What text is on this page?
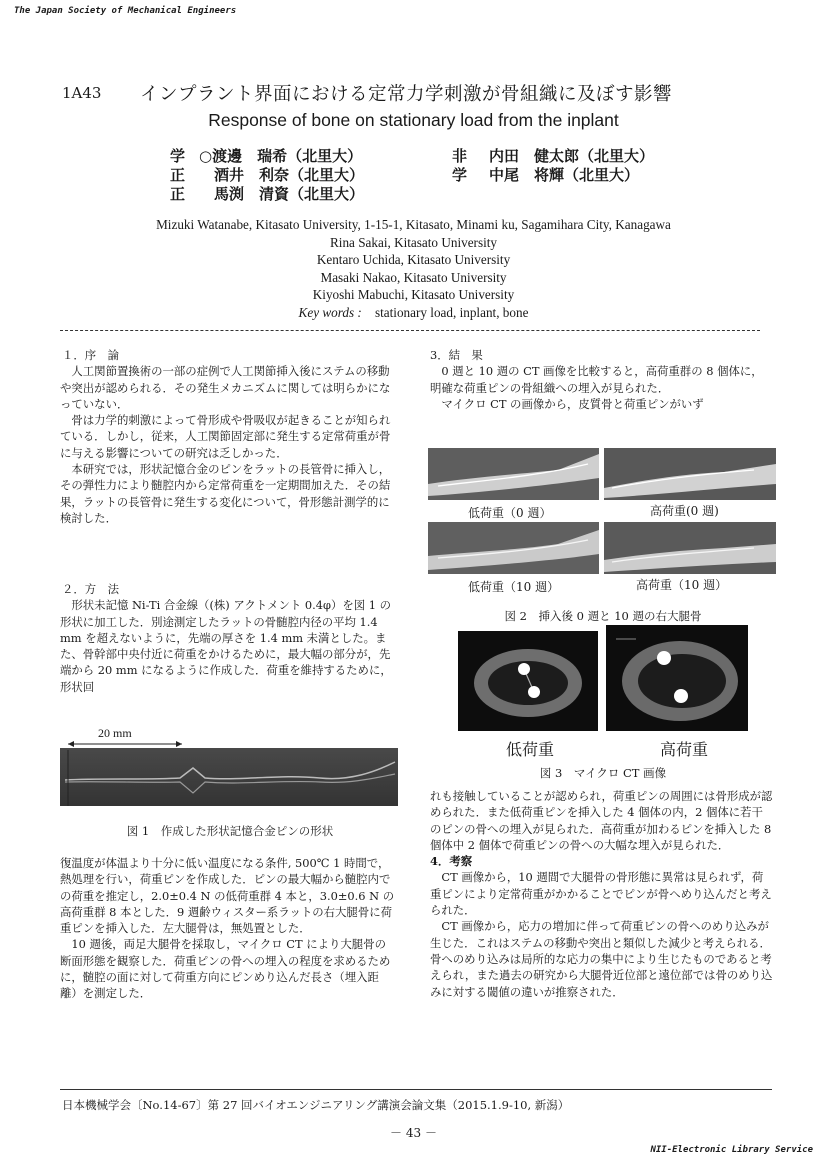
The Japan Society of Mechanical Engineers
1A43 インプラント界面における定常力学刺激が骨組織に及ぼす影響
Response of bone on stationary load from the inplant
学 ○渡邊　瑞希（北里大）
正　酒井　利奈（北里大）
正　馬渕　清資（北里大）
非 内田　健太郎（北里大）
学 中尾　将輝（北里大）
Mizuki Watanabe, Kitasato University, 1-15-1, Kitasato, Minami ku, Sagamihara City, Kanagawa
Rina Sakai, Kitasato University
Kentaro Uchida, Kitasato University
Masaki Nakao, Kitasato University
Kiyoshi Mabuchi, Kitasato University
Key words : stationary load, inplant, bone
１．序　論

　人工関節置換術の一部の症例で人工関節挿入後にステムの移動や突出が認められる．その発生メカニズムに関しては明らかになっていない．

　骨は力学的刺激によって骨形成や骨吸収が起きることが知られている．しかし，従来，人工関節固定部に発生する定常荷重が骨に与える影響についての研究は乏しかった．

　本研究では，形状記憶合金のピンをラットの長管骨に挿入し，その弾性力により髄腔内から定常荷重を一定期間加えた．その結果，ラットの長管骨に発生する変化について，骨形態計測学的に検討した．

２．方　法

　形状未記憶 Ni-Ti 合金線（(株) アクトメント 0.4φ）を図 1 の形状に加工した．別途測定したラットの骨髄腔内径の平均 1.4 mm を超えないように，先端の厚さを 1.4 mm 未満とした。また、骨幹部中央付近に荷重をかけるために，最大幅の部分が，先端から 20 mm になるように作成した．荷重を維持するために，形状回

20 mm
図 1　作成した形状記憶合金ピンの形状

復温度が体温より十分に低い温度になる条件, 500℃ 1 時間で，熱処理を行い，荷重ピンを作成した．ピンの最大幅から髄腔内での荷重を推定し，2.0±0.4 N の低荷重群 4 本と，3.0±0.6 N の高荷重群 8 本とした．9 週齢ウィスター系ラットの右大腿骨に荷重ピンを挿入した．左大腿骨は，無処置とした．

　10 週後，両足大腿骨を採取し，マイクロ CT により大腿骨の断面形態を観察した．荷重ピンの骨への埋入の程度を求めるために，髄腔の面に対して荷重方向にピンめり込んだ長さ（埋入距離）を測定した．

3．結　果

　0 週と 10 週の CT 画像を比較すると，高荷重群の 8 個体に，明確な荷重ピンの骨組織への埋入が見られた．

　マイクロ CT の画像から，皮質骨と荷重ピンがいず

低荷重（0 週）	高荷重(0 週)
低荷重（10 週）	高荷重（10 週）
図 2　挿入後 0 週と 10 週の右大腿骨
低荷重	高荷重
図 3　マイクロ CT 画像

れも接触していることが認められ，荷重ピンの周囲には骨形成が認められた．また低荷重ピンを挿入した 4 個体の内，2 個体に若干のピンの骨への埋入が見られた．高荷重が加わるピンを挿入した 8 個体中 2 個体で荷重ピンの骨への大幅な埋入が見られた．

4．考察

　CT 画像から，10 週間で大腿骨の骨形態に異常は見られず，荷重ピンにより定常荷重がかかることでピンが骨へめり込んだと考えられた．

　CT 画像から，応力の増加に伴って荷重ピンの骨へのめり込みが生じた．これはステムの移動や突出と類似した減少と考えられる．骨へのめり込みは局所的な応力の集中により生じたものであると考えられ，また過去の研究から大腿骨近位部と遠位部では骨のめり込みに対する閾値の違いが推察された．

日本機械学会〔No.14-67〕第 27 回バイオエンジニアリング講演会論文集（2015.1.9-10, 新潟）
－ 43 －
NII-Electronic Library Service
